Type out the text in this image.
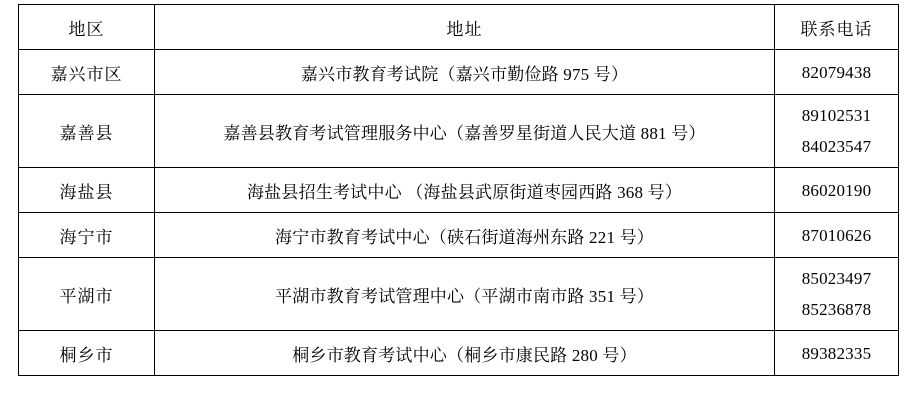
地区	地址	联系电话
嘉兴市区	嘉兴市教育考试院（嘉兴市勤俭路 975 号）	82079438

嘉善县	嘉善县教育考试管理服务中心（嘉善罗星街道人民大道 881 号）	89102531
84023547

海盐县	海盐县招生考试中心 （海盐县武原街道枣园西路 368 号）	86020190

海宁市	海宁市教育考试中心（硖石街道海州东路 221 号）	87010626

平湖市	平湖市教育考试管理中心（平湖市南市路 351 号）	85023497
85236878

桐乡市	桐乡市教育考试中心（桐乡市康民路 280 号）	89382335
